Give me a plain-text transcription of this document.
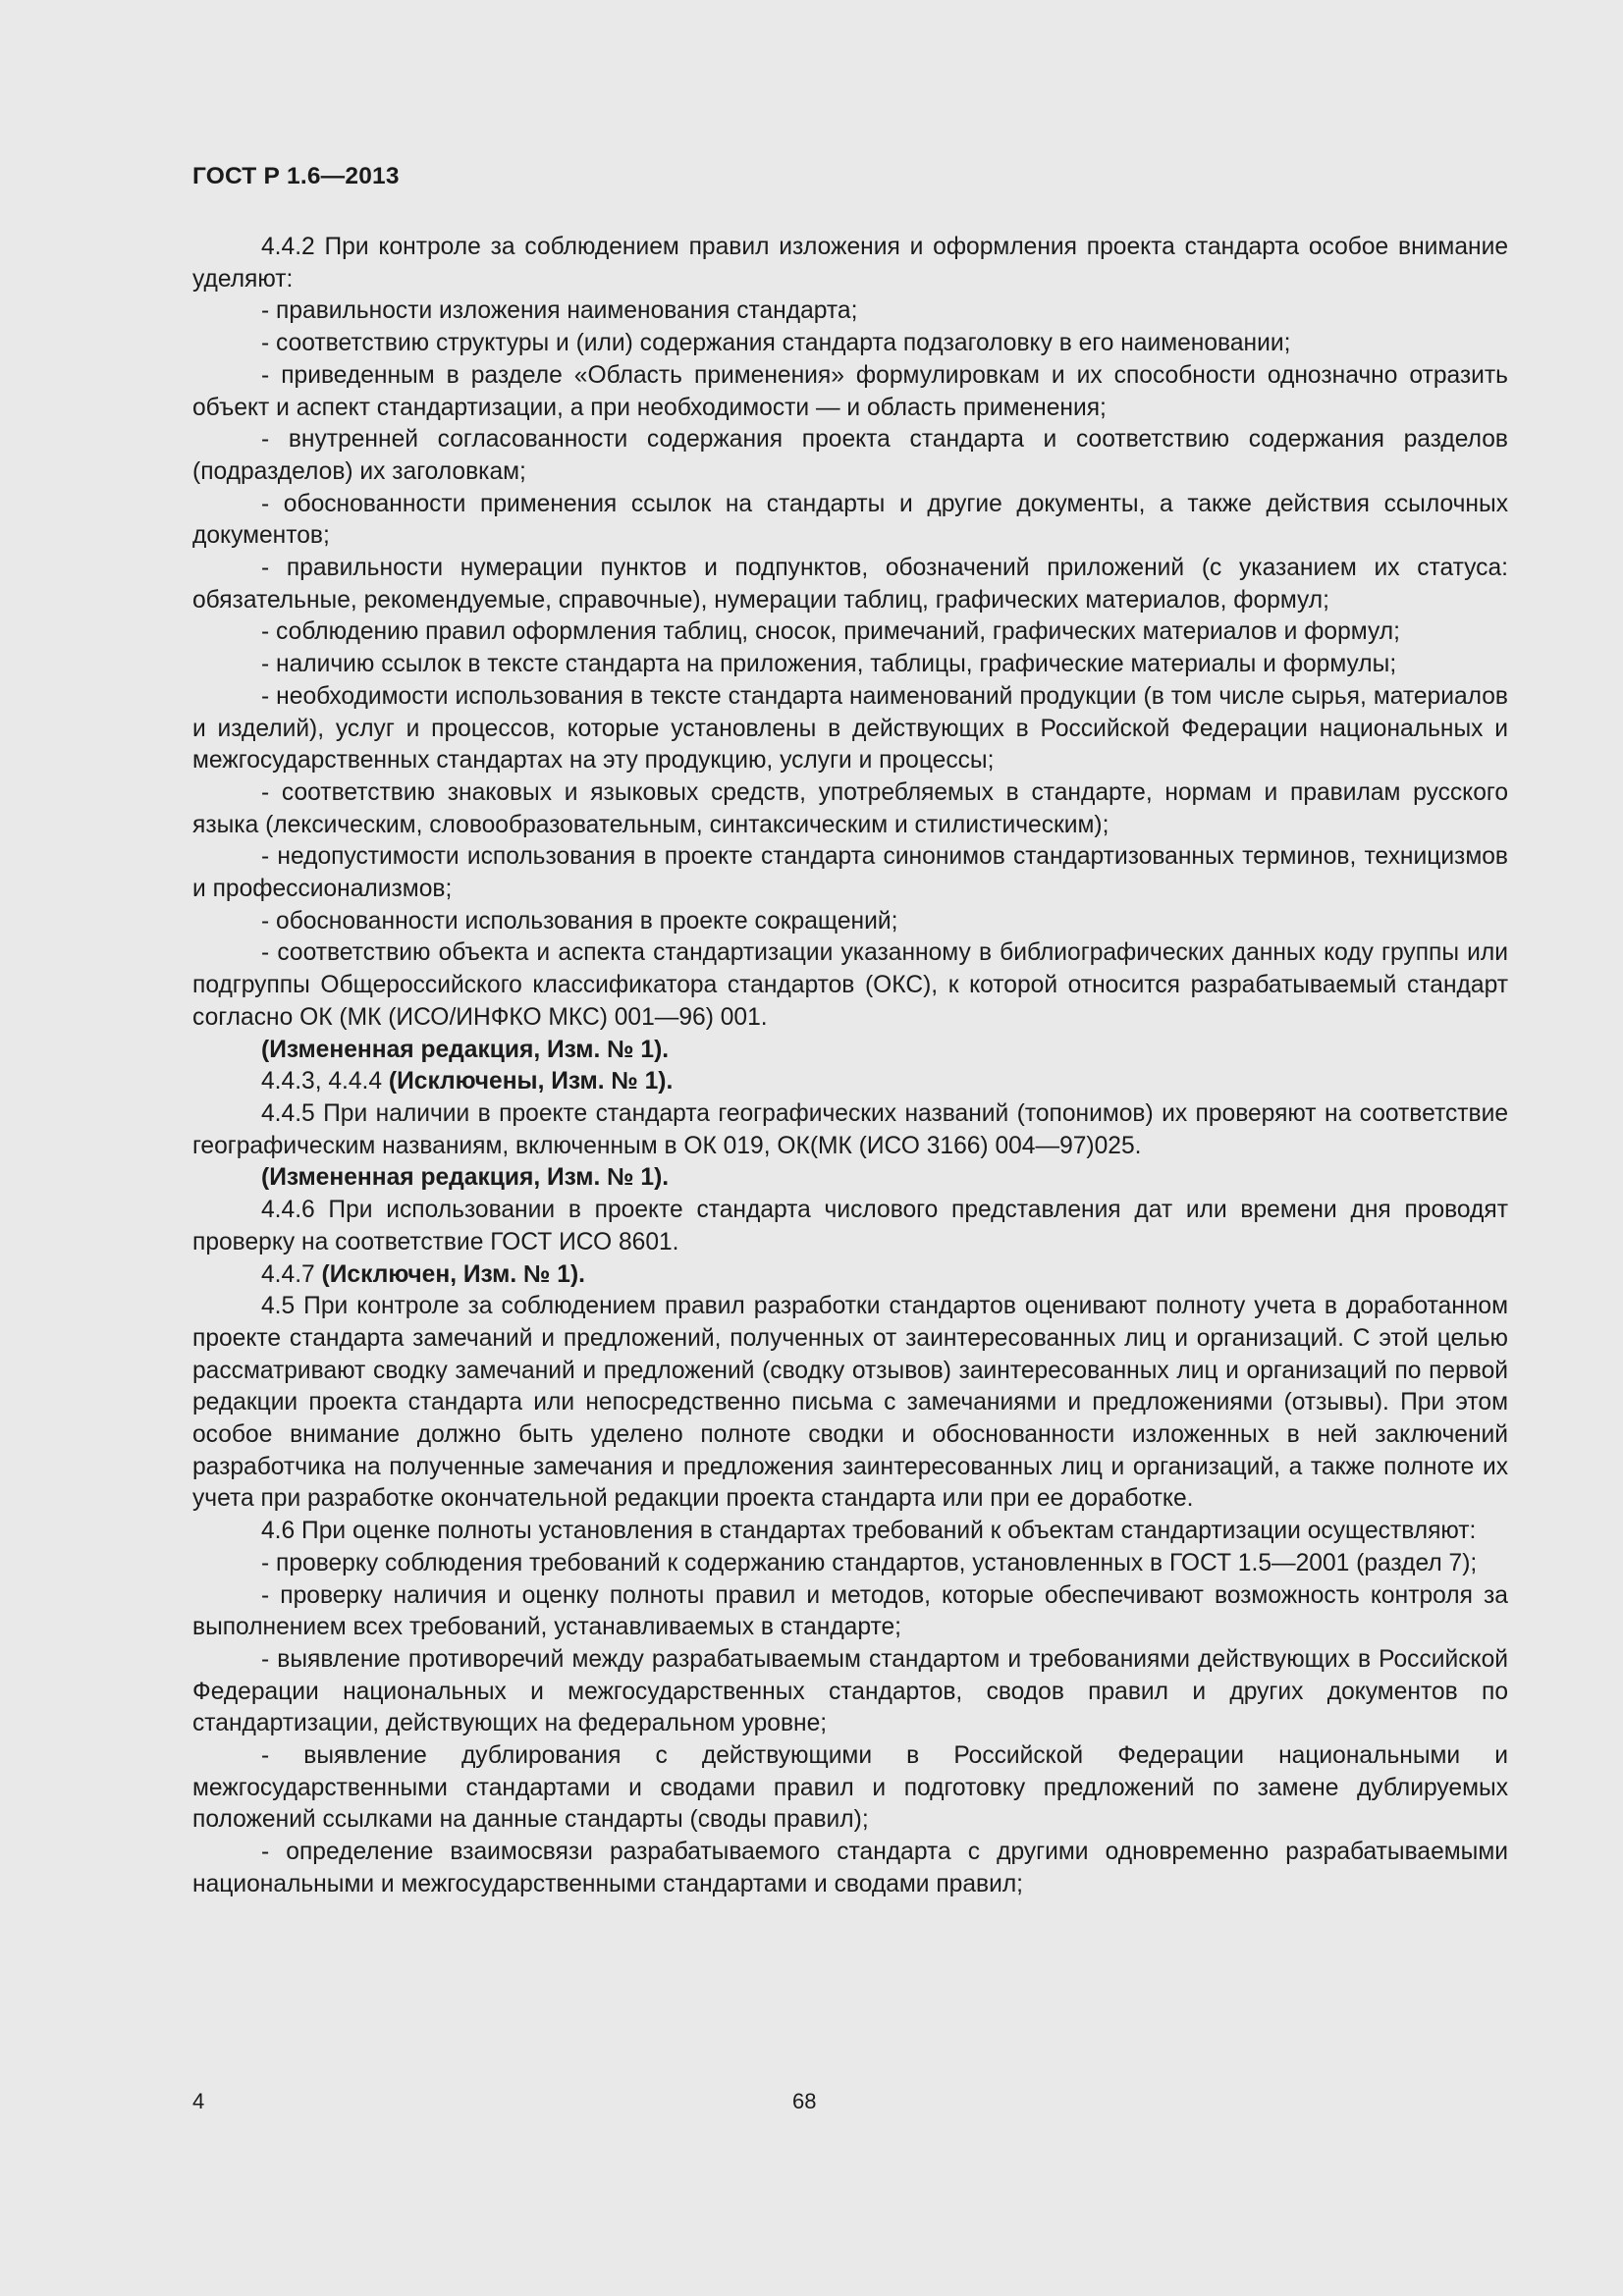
ГОСТ Р 1.6—2013

4.4.2 При контроле за соблюдением правил изложения и оформления проекта стандарта особое внимание уделяют:

- правильности изложения наименования стандарта;

- соответствию структуры и (или) содержания стандарта подзаголовку в его наименовании;

- приведенным в разделе «Область применения» формулировкам и их способности однозначно отразить объект и аспект стандартизации, а при необходимости — и область применения;

- внутренней согласованности содержания проекта стандарта и соответствию содержания разделов (подразделов) их заголовкам;

- обоснованности применения ссылок на стандарты и другие документы, а также действия ссылочных документов;

- правильности нумерации пунктов и подпунктов, обозначений приложений (с указанием их статуса: обязательные, рекомендуемые, справочные), нумерации таблиц, графических материалов, формул;

- соблюдению правил оформления таблиц, сносок, примечаний, графических материалов и формул;

- наличию ссылок в тексте стандарта на приложения, таблицы, графические материалы и формулы;

- необходимости использования в тексте стандарта наименований продукции (в том числе сырья, материалов и изделий), услуг и процессов, которые установлены в действующих в Российской Федерации национальных и межгосударственных стандартах на эту продукцию, услуги и процессы;

- соответствию знаковых и языковых средств, употребляемых в стандарте, нормам и правилам русского языка (лексическим, словообразовательным, синтаксическим и стилистическим);

- недопустимости использования в проекте стандарта синонимов стандартизованных терминов, техницизмов и профессионализмов;

- обоснованности использования в проекте сокращений;

- соответствию объекта и аспекта стандартизации указанному в библиографических данных коду группы или подгруппы Общероссийского классификатора стандартов (ОКС), к которой относится разрабатываемый стандарт согласно ОК (МК (ИСО/ИНФКО МКС) 001—96) 001.

(Измененная редакция, Изм. № 1).

4.4.3, 4.4.4 (Исключены, Изм. № 1).

4.4.5 При наличии в проекте стандарта географических названий (топонимов) их проверяют на соответствие географическим названиям, включенным в ОК 019, ОК(МК (ИСО 3166) 004—97)025.

(Измененная редакция, Изм. № 1).

4.4.6 При использовании в проекте стандарта числового представления дат или времени дня проводят проверку на соответствие ГОСТ ИСО 8601.

4.4.7 (Исключен, Изм. № 1).

4.5 При контроле за соблюдением правил разработки стандартов оценивают полноту учета в доработанном проекте стандарта замечаний и предложений, полученных от заинтересованных лиц и организаций. С этой целью рассматривают сводку замечаний и предложений (сводку отзывов) заинтересованных лиц и организаций по первой редакции проекта стандарта или непосредственно письма с замечаниями и предложениями (отзывы). При этом особое внимание должно быть уделено полноте сводки и обоснованности изложенных в ней заключений разработчика на полученные замечания и предложения заинтересованных лиц и организаций, а также полноте их учета при разработке окончательной редакции проекта стандарта или при ее доработке.

4.6 При оценке полноты установления в стандартах требований к объектам стандартизации осуществляют:

- проверку соблюдения требований к содержанию стандартов, установленных в ГОСТ 1.5—2001 (раздел 7);

- проверку наличия и оценку полноты правил и методов, которые обеспечивают возможность контроля за выполнением всех требований, устанавливаемых в стандарте;

- выявление противоречий между разрабатываемым стандартом и требованиями действующих в Российской Федерации национальных и межгосударственных стандартов, сводов правил и других документов по стандартизации, действующих на федеральном уровне;

- выявление дублирования с действующими в Российской Федерации национальными и межгосударственными стандартами и сводами правил и подготовку предложений по замене дублируемых положений ссылками на данные стандарты (своды правил);

- определение взаимосвязи разрабатываемого стандарта с другими одновременно разрабатываемыми национальными и межгосударственными стандартами и сводами правил;

4	68
